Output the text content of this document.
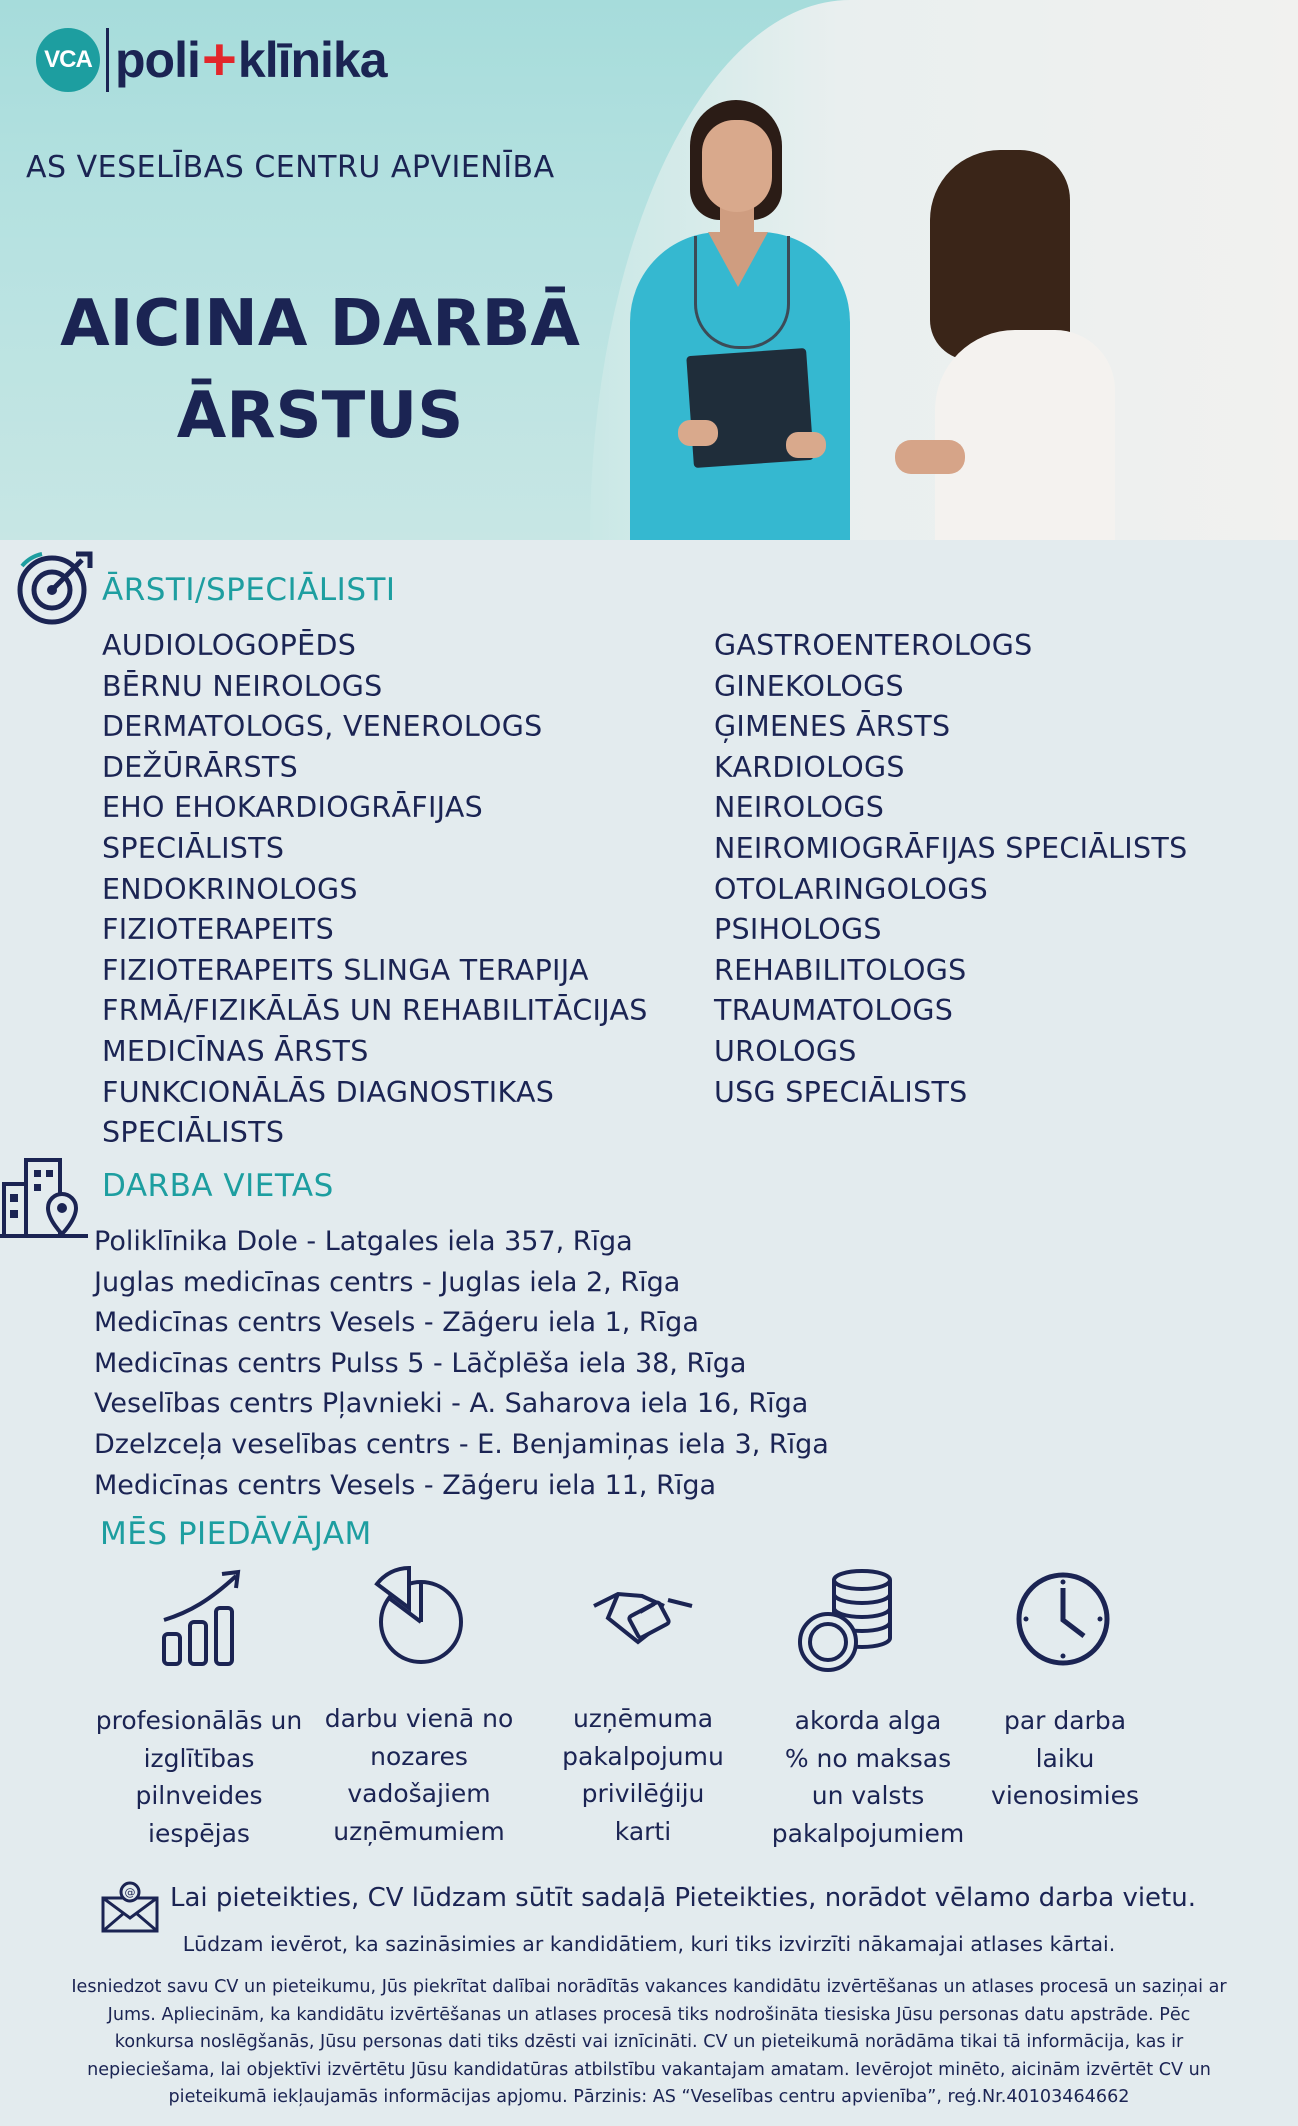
VCA poli + klīnika
AS VESELĪBAS CENTRU APVIENĪBA
AICINA DARBĀ
ĀRSTUS
ĀRSTI/SPECIĀLISTI
AUDIOLOGOPĒDS
BĒRNU NEIROLOGS
DERMATOLOGS, VENEROLOGS
DEŽŪRĀRSTS
EHO EHOKARDIOGRĀFIJAS
SPECIĀLISTS
ENDOKRINOLOGS
FIZIOTERAPEITS
FIZIOTERAPEITS SLINGA TERAPIJA
FRMĀ/FIZIKĀLĀS UN REHABILITĀCIJAS
MEDICĪNAS ĀRSTS
FUNKCIONĀLĀS DIAGNOSTIKAS
SPECIĀLISTS
GASTROENTEROLOGS
GINEKOLOGS
ĢIMENES ĀRSTS
KARDIOLOGS
NEIROLOGS
NEIROMIOGRĀFIJAS SPECIĀLISTS
OTOLARINGOLOGS
PSIHOLOGS
REHABILITOLOGS
TRAUMATOLOGS
UROLOGS
USG SPECIĀLISTS
DARBA VIETAS
Poliklīnika Dole - Latgales iela 357, Rīga
Juglas medicīnas centrs - Juglas iela 2, Rīga
Medicīnas centrs Vesels - Zāģeru iela 1, Rīga
Medicīnas centrs Pulss 5 - Lāčplēša iela 38, Rīga
Veselības centrs Pļavnieki - A. Saharova iela 16, Rīga
Dzelzceļa veselības centrs - E. Benjamiņas iela 3, Rīga
Medicīnas centrs Vesels - Zāģeru iela 11, Rīga
MĒS PIEDĀVĀJAM
profesionālās un
izglītības
pilnveides
iespējas
darbu vienā no
nozares
vadošajiem
uzņēmumiem
uzņēmuma
pakalpojumu
privilēģiju
karti
akorda alga
% no maksas
un valsts
pakalpojumiem
par darba
laiku
vienosimies
@ Lai pieteikties, CV lūdzam sūtīt sadaļā Pieteikties, norādot vēlamo darba vietu.
Lūdzam ievērot, ka sazināsimies ar kandidātiem, kuri tiks izvirzīti nākamajai atlases kārtai.
Iesniedzot savu CV un pieteikumu, Jūs piekrītat dalībai norādītās vakances kandidātu izvērtēšanas un atlases procesā un saziņai ar
Jums. Apliecinām, ka kandidātu izvērtēšanas un atlases procesā tiks nodrošināta tiesiska Jūsu personas datu apstrāde. Pēc
konkursa noslēgšanās, Jūsu personas dati tiks dzēsti vai iznīcināti. CV un pieteikumā norādāma tikai tā informācija, kas ir
nepieciešama, lai objektīvi izvērtētu Jūsu kandidatūras atbilstību vakantajam amatam. Ievērojot minēto, aicinām izvērtēt CV un
pieteikumā iekļaujamās informācijas apjomu. Pārzinis: AS “Veselības centru apvienība”, reģ.Nr.40103464662
